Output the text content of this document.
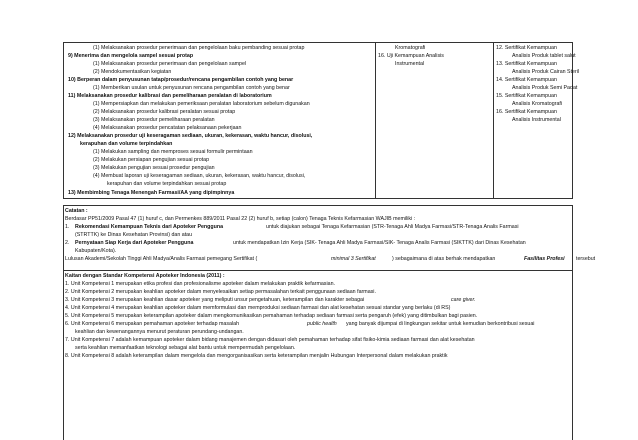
(1) Melaksanakan prosedur penerimaan dan pengelolaan baku pembanding sesuai protap
9) Menerima dan mengelola sampel sesuai protap
(1) Melaksanakan prosedur penerimaan dan pengelolaan sampel
(2) Mendokumentasikan kegiatan
10) Berperan dalam penyusunan tatap/prosedur/rencana pengambilan contoh yang benar
(1) Memberikan usulan untuk penyusunan rencana pengambilan contoh yang benar
11) Melaksanakan prosedur kalibrasi dan pemeliharaan peralatan di laboratorium
(1) Mempersiapkan dan melakukan pemeriksaan peralatan laboratorium sebelum digunakan
(2) Melaksanakan prosedur kalibrasi peralatan sesuai protap
(3) Melaksanakan prosedur pemeliharaan peralatan
(4) Melaksanakan prosedur pencatatan pelaksanaan pekerjaan
12) Melaksanakan prosedur uji keseragaman sediaan, ukuran, kekerasan, waktu hancur, disolusi,
kerapuhan dan volume terpindahkan
(1) Melakukan sampling dan memproses sesuai formulir permintaan
(2) Melakukan persiapan pengujian sesuai protap
(3) Melakukan pengujian sesuai prosedur pengujian
(4) Membuat laporan uji keseragaman sediaan, ukuran, kekerasan, waktu hancur, disolusi,
kerapuhan dan volume terpindahkan sesuai protap
13) Membimbing Tenaga Menengah Farmasi/AA yang dipimpinnya
Kromatografi
16. Uji Kemampuan Analisis
Instrumental
12. Sertifikat Kemampuan
Analisis Produk tablet salut
13. Sertifikat Kemampuan
Analisis Produk Cairan Steril
14. Sertifikat Kemampuan
Analisis Produk Semi Padat
15. Sertifikat Kemampuan
Analisis Kromatografi
16. Sertifikat Kemampuan
Analisis Instrumental
Catatan :
Berdasar PP51/2009 Pasal 47 (1) huruf c, dan Permenkes 889/2011 Pasal 22 (2) huruf b, setiap (calon) Tenaga Teknis Kefarmasian WAJIB memiliki :
1. Rekomendasi Kemampuan Teknis dari Apoteker Pengguna	untuk diajukan sebagai Tenaga Kefarmasian (STR-Tenaga Ahli Madya Farmasi/STR-Tenaga Analis Farmasi
(STRTTK) ke Dinas Kesehatan Provinsi) dan atau
2. Pernyataan Siap Kerja dari Apoteker Pengguna	untuk mendapatkan Izin Kerja (SIK- Tenaga Ahli Madya Farmasi/SIK- Tenaga Analis Farmasi (SIKTTK) dari Dinas Kesehatan
Kabupaten/Kota).
Lulusan Akademi/Sekolah Tinggi Ahli Madya/Analis Farmasi pemegang Sertifikat (	minimal 3 Sertifikat	) sebagaimana di atas berhak mendapatkan	Fasilitas Profesi tersebut
Kaitan dengan Standar Kompetensi Apoteker Indonesia (2011) :
1. Unit Kompetensi 1 merupakan etika profesi dan profesionalisme apoteker dalam melakukan praktik kefarmasian.
2. Unit Kompetensi 2 merupakan keahlian apoteker dalam menyelesaikan setiap permasalahan terkait penggunaan sediaan farmasi.
3. Unit Kompetensi 3 merupakan keahlian dasar apoteker yang meliputi unsur pengetahuan, keterampilan dan karakter sebagai	care giver.
4. Unit Kompetensi 4 merupakan keahlian apoteker dalam memformulasi dan memproduksi sediaan farmasi dan alat kesehatan sesuai standar yang berlaku (di RS)
5. Unit Kompetensi 5 merupakan keterampilan apoteker dalam mengkomunikasikan pemahaman terhadap sediaan farmasi serta pengaruh (efek) yang ditimbulkan bagi pasien.
6. Unit Kompetensi 6 merupakan pemahaman apoteker terhadap masalah	public health yang banyak dijumpai di lingkungan sekitar untuk kemudian berkontribusi sesuai
keahlian dan kewenangannya menurut peraturan perundang-undangan.
7. Unit Kompetensi 7 adalah kemampuan apoteker dalam bidang manajemen dengan didasari oleh pemahaman terhadap sifat fisiko-kimia sediaan farmasi dan alat kesehatan
serta keahlian memanfaatkan teknologi sebagai alat bantu untuk mempermudah pengelolaan.
8. Unit Kompetensi 8 adalah keterampilan dalam mengelola dan mengorganisasikan serta keterampilan menjalin Hubungan Interpersonal dalam melakukan praktik
